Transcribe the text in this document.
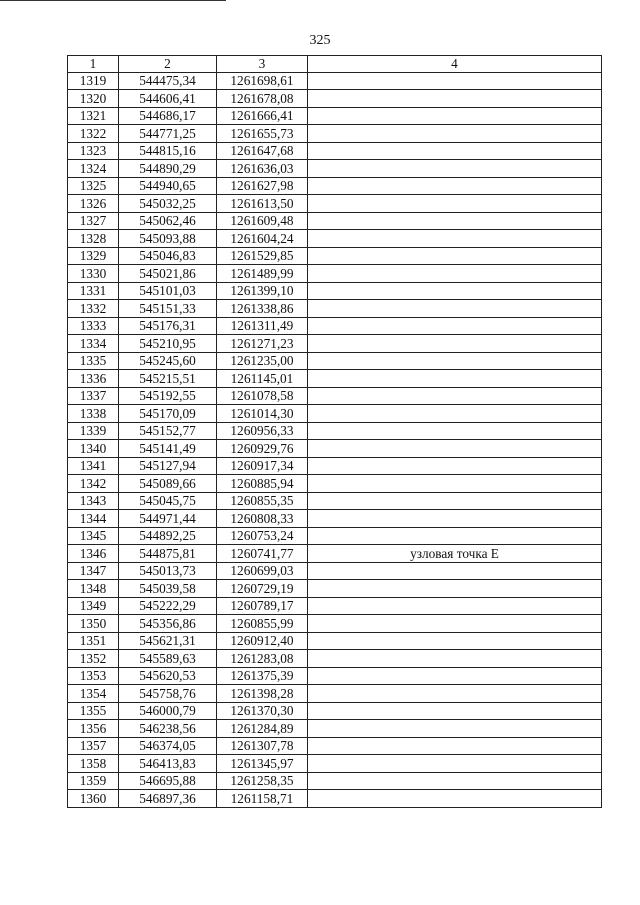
325
1	2	3	4
1319	544475,34	1261698,61	
1320	544606,41	1261678,08	
1321	544686,17	1261666,41	
1322	544771,25	1261655,73	
1323	544815,16	1261647,68	
1324	544890,29	1261636,03	
1325	544940,65	1261627,98	
1326	545032,25	1261613,50	
1327	545062,46	1261609,48	
1328	545093,88	1261604,24	
1329	545046,83	1261529,85	
1330	545021,86	1261489,99	
1331	545101,03	1261399,10	
1332	545151,33	1261338,86	
1333	545176,31	1261311,49	
1334	545210,95	1261271,23	
1335	545245,60	1261235,00	
1336	545215,51	1261145,01	
1337	545192,55	1261078,58	
1338	545170,09	1261014,30	
1339	545152,77	1260956,33	
1340	545141,49	1260929,76	
1341	545127,94	1260917,34	
1342	545089,66	1260885,94	
1343	545045,75	1260855,35	
1344	544971,44	1260808,33	
1345	544892,25	1260753,24	
1346	544875,81	1260741,77	узловая точка Е
1347	545013,73	1260699,03	
1348	545039,58	1260729,19	
1349	545222,29	1260789,17	
1350	545356,86	1260855,99	
1351	545621,31	1260912,40	
1352	545589,63	1261283,08	
1353	545620,53	1261375,39	
1354	545758,76	1261398,28	
1355	546000,79	1261370,30	
1356	546238,56	1261284,89	
1357	546374,05	1261307,78	
1358	546413,83	1261345,97	
1359	546695,88	1261258,35	
1360	546897,36	1261158,71	
